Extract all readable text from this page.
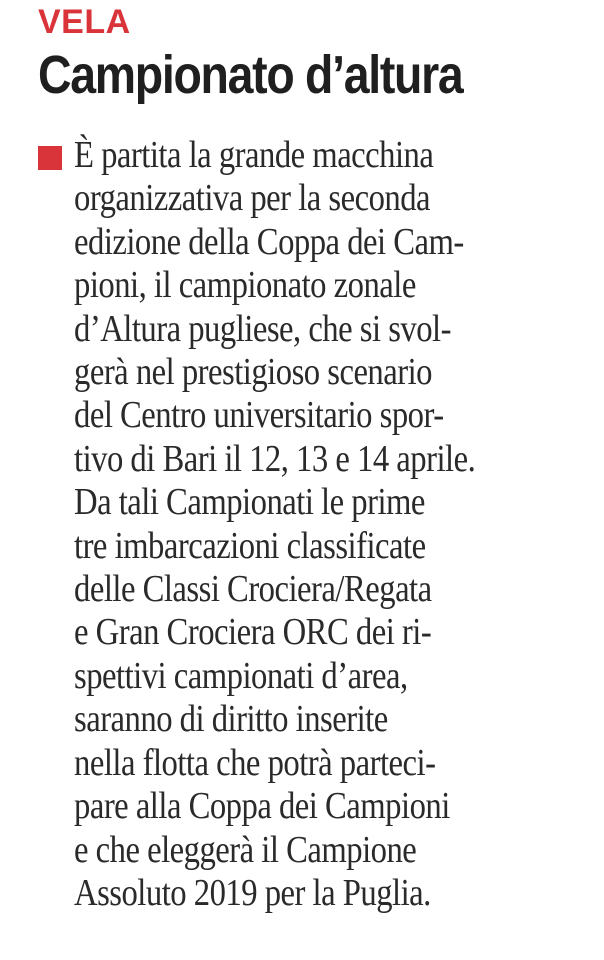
VELA
Campionato d’altura
È partita la grande macchina
organizzativa per la seconda
edizione della Coppa dei Cam-
pioni, il campionato zonale
d’Altura pugliese, che si svol-
gerà nel prestigioso scenario
del Centro universitario spor-
tivo di Bari il 12, 13 e 14 aprile.
Da tali Campionati le prime
tre imbarcazioni classificate
delle Classi Crociera/Regata
e Gran Crociera ORC dei ri-
spettivi campionati d’area,
saranno di diritto inserite
nella flotta che potrà parteci-
pare alla Coppa dei Campioni
e che eleggerà il Campione
Assoluto 2019 per la Puglia.
